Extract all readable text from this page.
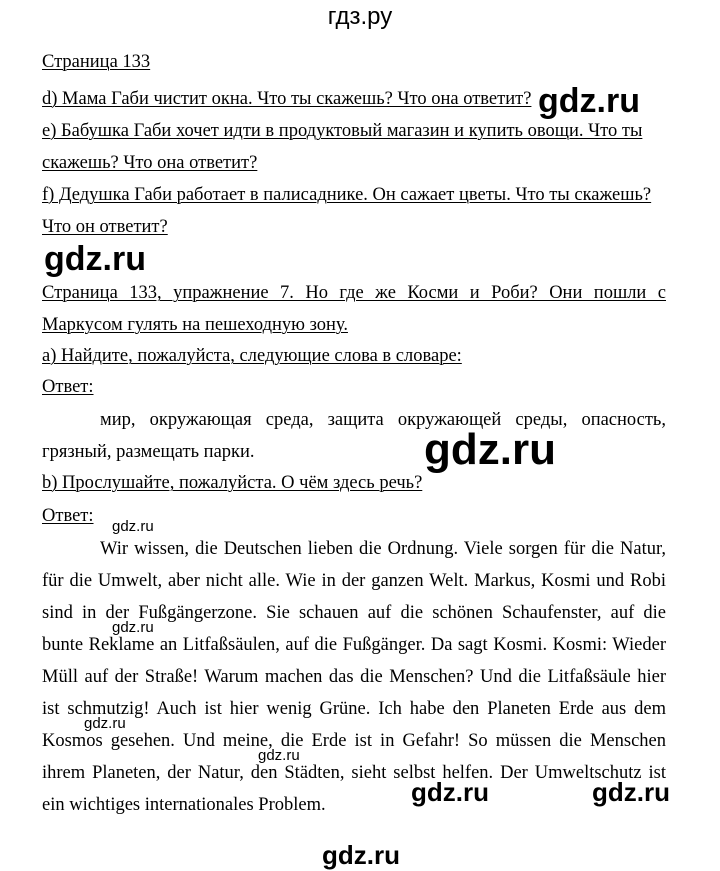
гдз.ру
Страница 133
d) Мама Габи чистит окна. Что ты скажешь? Что она ответит?
e) Бабушка Габи хочет идти в продуктовый магазин и купить овощи. Что ты
скажешь? Что она ответит?
f) Дедушка Габи работает в палисаднике. Он сажает цветы. Что ты скажешь?
Что он ответит?
Страница 133, упражнение 7. Но где же Косми и Роби? Они пошли с
Маркусом гулять на пешеходную зону.
a) Найдите, пожалуйста, следующие слова в словаре:
Ответ:
мир, окружающая среда, защита окружающей среды, опасность,
грязный, размещать парки.
b) Прослушайте, пожалуйста. О чём здесь речь?
Ответ:
Wir wissen, die Deutschen lieben die Ordnung. Viele sorgen für die Natur,
für die Umwelt, aber nicht alle. Wie in der ganzen Welt. Markus, Kosmi und Robi
sind in der Fußgängerzone. Sie schauen auf die schönen Schaufenster, auf die
bunte Reklame an Litfaßsäulen, auf die Fußgänger. Da sagt Kosmi. Kosmi: Wieder
Müll auf der Straße! Warum machen das die Menschen? Und die Litfaßsäule hier
ist schmutzig! Auch ist hier wenig Grüne. Ich habe den Planeten Erde aus dem
Kosmos gesehen. Und meine, die Erde ist in Gefahr! So müssen die Menschen
ihrem Planeten, der Natur, den Städten, sieht selbst helfen. Der Umweltschutz ist
ein wichtiges internationales Problem.
gdz.ru
gdz.ru
gdz.ru
gdz.ru
gdz.ru
gdz.ru
gdz.ru
gdz.ru	gdz.ru
gdz.ru
